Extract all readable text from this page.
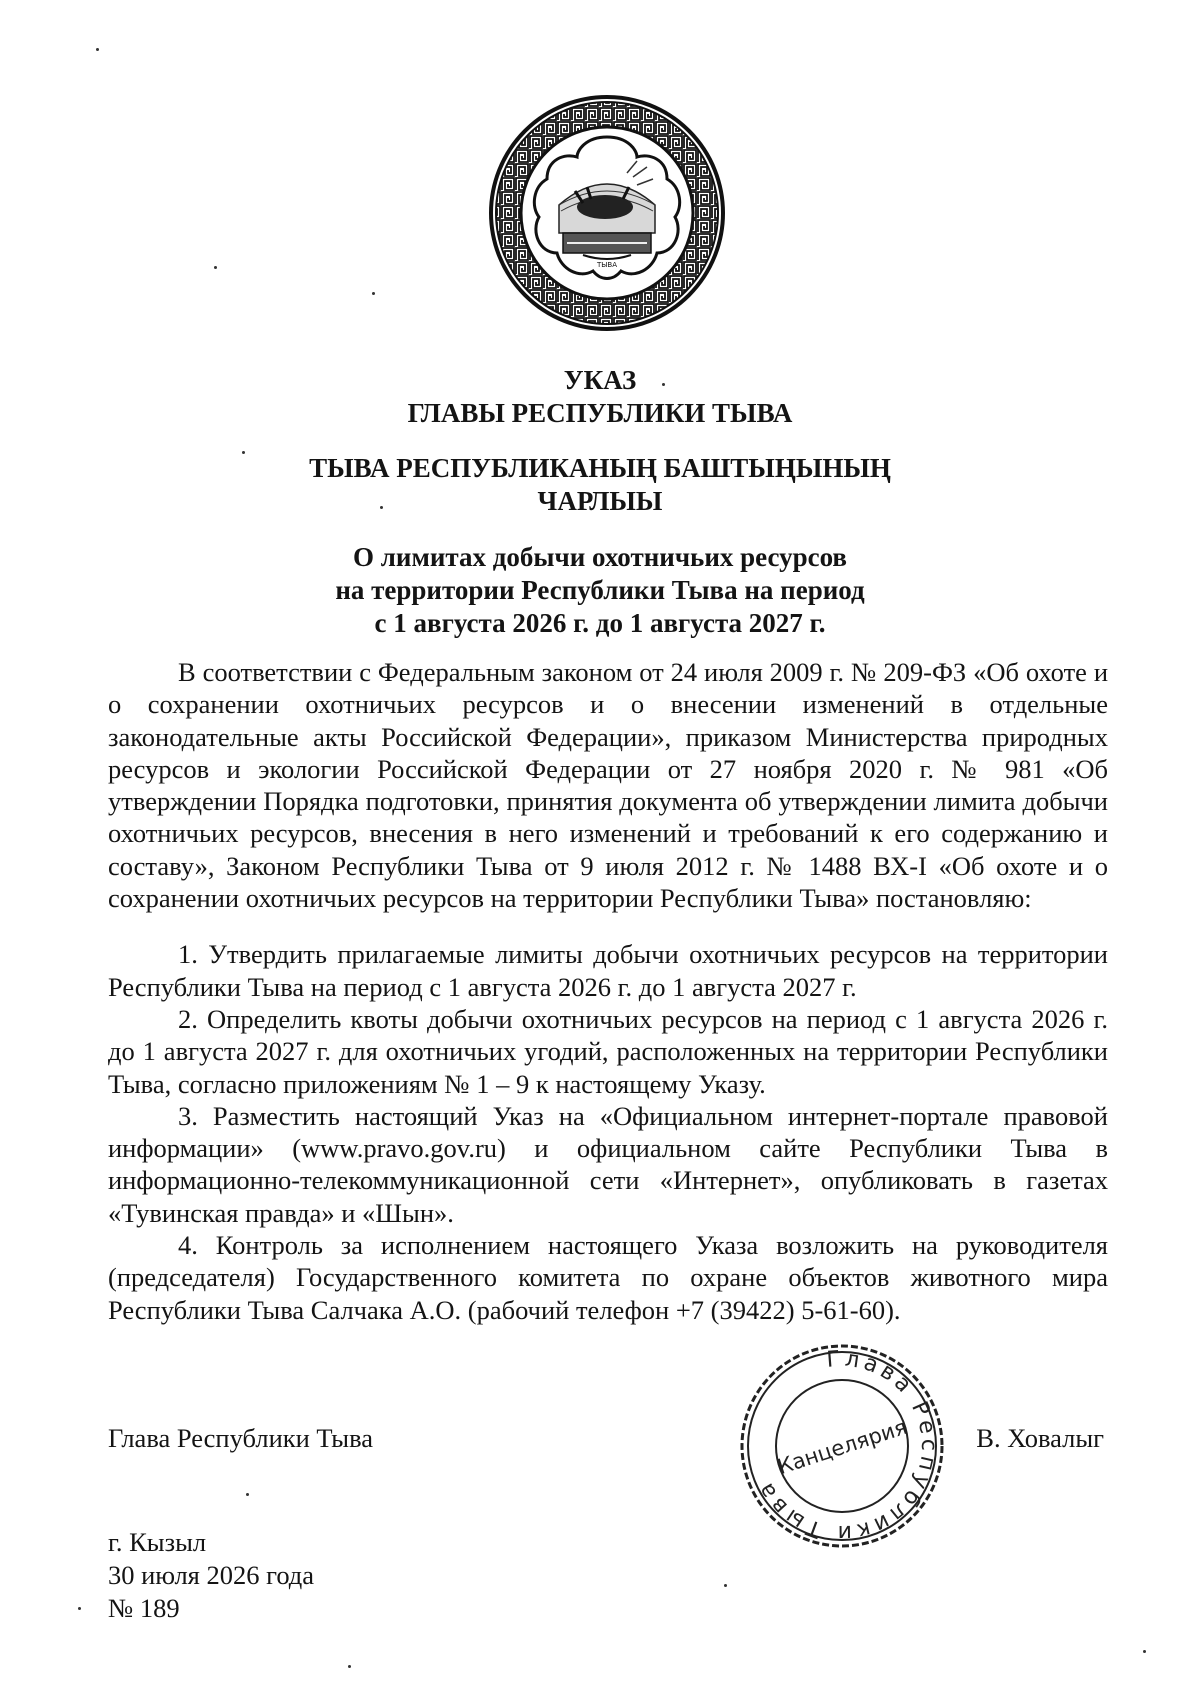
ТЫВА
УКАЗ
ГЛАВЫ РЕСПУБЛИКИ ТЫВА
ТЫВА РЕСПУБЛИКАНЫҢ БАШТЫҢЫНЫҢ
ЧАРЛЫЫ
О лимитах добычи охотничьих ресурсов
на территории Республики Тыва на период
с 1 августа 2026 г. до 1 августа 2027 г.

В соответствии с Федеральным законом от 24 июля 2009 г. № 209-ФЗ «Об охоте и о сохранении охотничьих ресурсов и о внесении изменений в отдельные законодательные акты Российской Федерации», приказом Министерства природных ресурсов и экологии Российской Федерации от 27 ноября 2020 г. № 981 «Об утверждении Порядка подготовки, принятия документа об утверждении лимита добычи охотничьих ресурсов, внесения в него изменений и требований к его содержанию и составу», Законом Республики Тыва от 9 июля 2012 г. № 1488 ВХ-I «Об охоте и о сохранении охотничьих ресурсов на территории Республики Тыва» постановляю:

1. Утвердить прилагаемые лимиты добычи охотничьих ресурсов на территории Республики Тыва на период с 1 августа 2026 г. до 1 августа 2027 г.

2. Определить квоты добычи охотничьих ресурсов на период с 1 августа 2026 г. до 1 августа 2027 г. для охотничьих угодий, расположенных на территории Республики Тыва, согласно приложениям № 1 – 9 к настоящему Указу.

3. Разместить настоящий Указ на «Официальном интернет-портале правовой информации» (www.pravo.gov.ru) и официальном сайте Республики Тыва в информационно-телекоммуникационной сети «Интернет», опубликовать в газетах «Тувинская правда» и «Шын».

4. Контроль за исполнением настоящего Указа возложить на руководителя (председателя) Государственного комитета по охране объектов животного мира Республики Тыва Салчака А.О. (рабочий телефон +7 (39422) 5-61-60).

Глава Республики Тыва	В. Ховалыг
Глава Республики Тыва
Канцелярия
г. Кызыл
30 июля 2026 года
№ 189
